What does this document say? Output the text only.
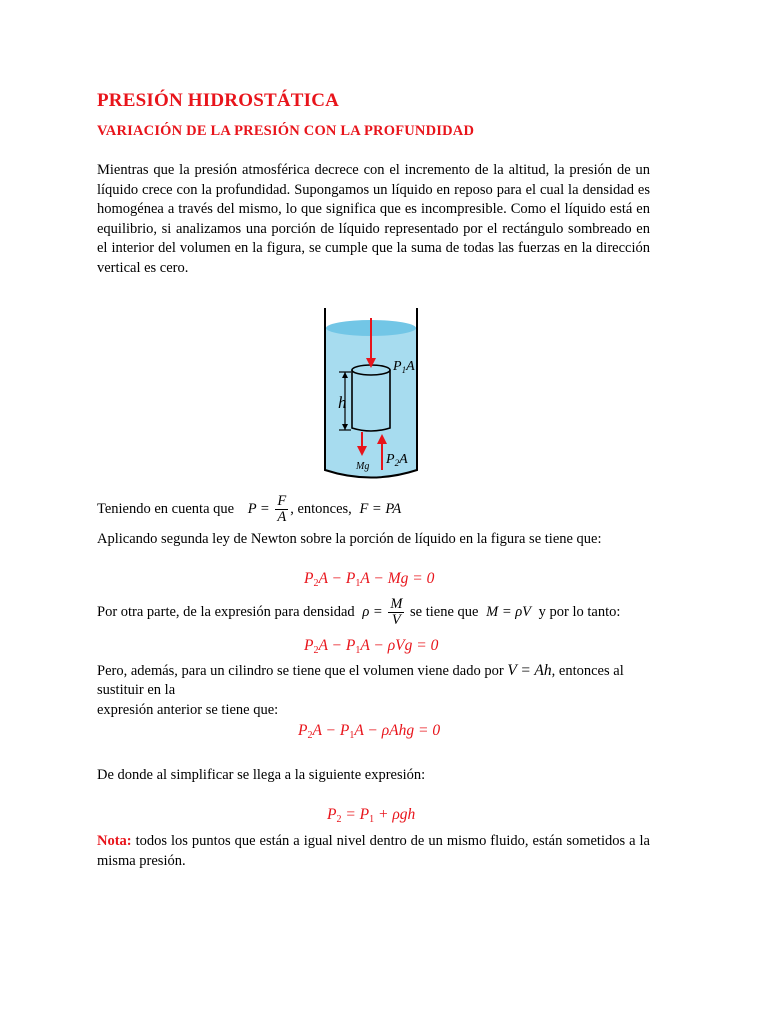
PRESIÓN HIDROSTÁTICA
VARIACIÓN DE LA PRESIÓN CON LA PROFUNDIDAD
Mientras que la presión atmosférica decrece con el incremento de la altitud, la presión de un líquido crece con la profundidad. Supongamos un líquido en reposo para el cual la densidad es homogénea a través del mismo, lo que significa que es incompresible. Como el líquido está en equilibrio, si analizamos una porción de líquido representado por el rectángulo sombreado en el interior del volumen en la figura, se cumple que la suma de todas las fuerzas en la dirección vertical es cero.
h
$P_1A$
$P_2A$
Mg
Teniendo en cuenta que $P = \frac{F}{A}$ , entonces, F = PA
Aplicando segunda ley de Newton sobre la porción de líquido en la figura se tiene que:
$P_2A - P_1A - Mg = 0$
Por otra parte, de la expresión para densidad $\rho = \frac{M}{V}$ se tiene que M = ρV y por lo tanto:
$P_2A - P_1A - \rho Vg = 0$
Pero, además, para un cilindro se tiene que el volumen viene dado por V = Ah, entonces al
sustituir en la
expresión anterior se tiene que:
$P_2A - P_1A - \rho Ahg = 0$
De donde al simplificar se llega a la siguiente expresión:
$P_2 = P_1 + \rho gh$
Nota: todos los puntos que están a igual nivel dentro de un mismo fluido, están sometidos a la misma presión.
